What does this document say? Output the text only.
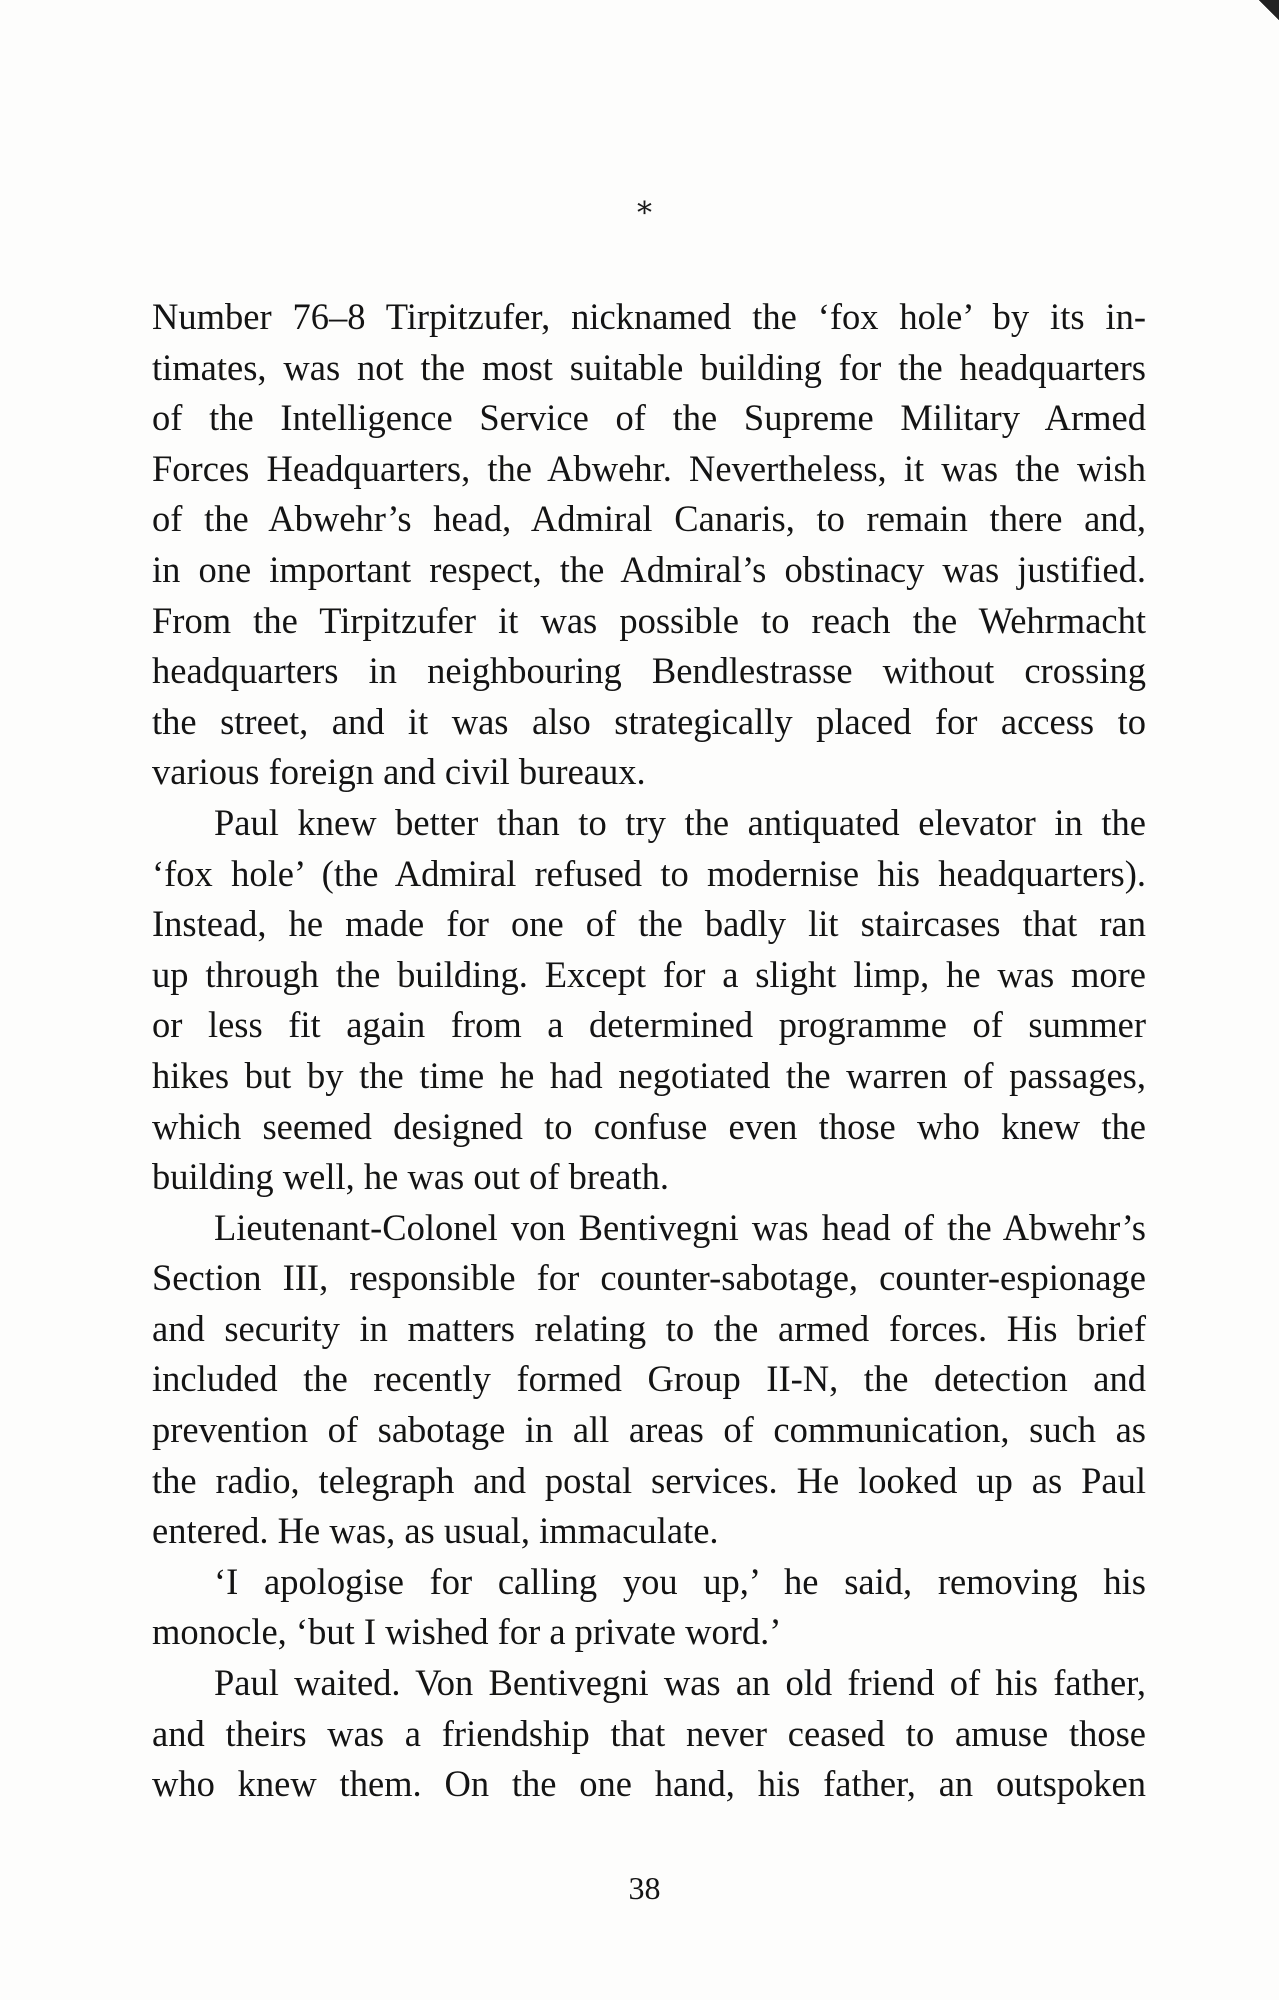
*
Number 76–8 Tirpitzufer, nicknamed the ‘fox hole’ by its in-
timates, was not the most suitable building for the headquarters
of the Intelligence Service of the Supreme Military Armed
Forces Headquarters, the Abwehr. Nevertheless, it was the wish
of the Abwehr’s head, Admiral Canaris, to remain there and,
in one important respect, the Admiral’s obstinacy was justified.
From the Tirpitzufer it was possible to reach the Wehrmacht
headquarters in neighbouring Bendlestrasse without crossing
the street, and it was also strategically placed for access to
various foreign and civil bureaux.
Paul knew better than to try the antiquated elevator in the
‘fox hole’ (the Admiral refused to modernise his headquarters).
Instead, he made for one of the badly lit staircases that ran
up through the building. Except for a slight limp, he was more
or less fit again from a determined programme of summer
hikes but by the time he had negotiated the warren of passages,
which seemed designed to confuse even those who knew the
building well, he was out of breath.
Lieutenant-Colonel von Bentivegni was head of the Abwehr’s
Section III, responsible for counter-sabotage, counter-espionage
and security in matters relating to the armed forces. His brief
included the recently formed Group II-N, the detection and
prevention of sabotage in all areas of communication, such as
the radio, telegraph and postal services. He looked up as Paul
entered. He was, as usual, immaculate.
‘I apologise for calling you up,’ he said, removing his
monocle, ‘but I wished for a private word.’
Paul waited. Von Bentivegni was an old friend of his father,
and theirs was a friendship that never ceased to amuse those
who knew them. On the one hand, his father, an outspoken
38
